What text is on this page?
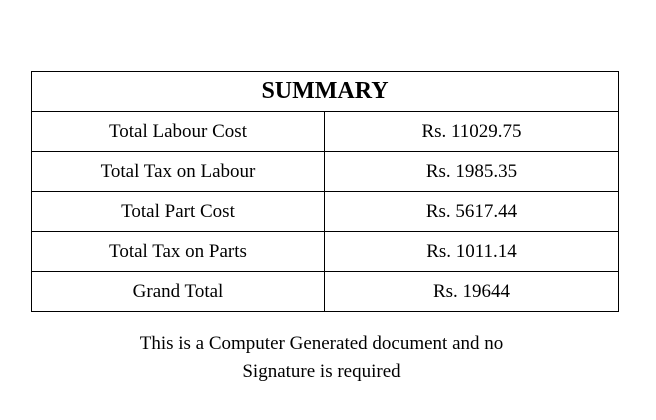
SUMMARY	
Total Labour Cost	Rs. 11029.75
Total Tax on Labour	Rs. 1985.35
Total Part Cost	Rs. 5617.44
Total Tax on Parts	Rs. 1011.14
Grand Total	Rs. 19644
This is a Computer Generated document and no
Signature is required
